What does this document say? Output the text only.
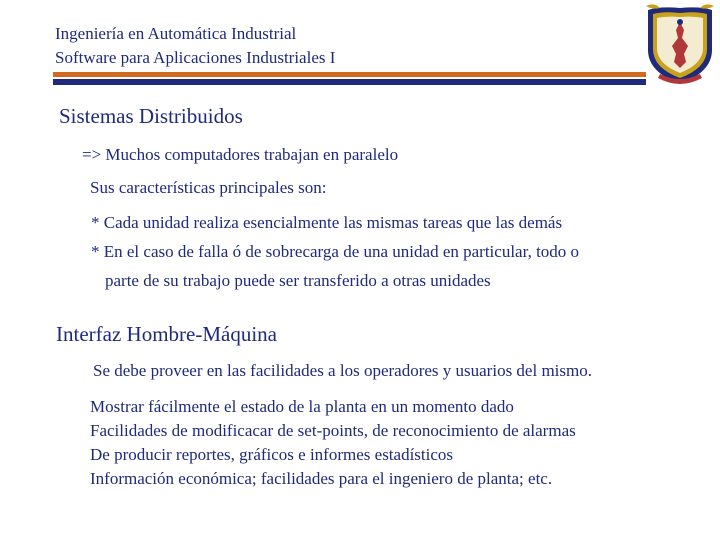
Ingeniería en Automática Industrial
Software para Aplicaciones Industriales I
Sistemas Distribuidos
=> Muchos computadores trabajan en paralelo
Sus características principales son:
* Cada unidad realiza esencialmente las mismas tareas que las demás
* En el caso de falla ó de sobrecarga de una unidad en particular, todo o
parte de su trabajo puede ser transferido a otras unidades
Interfaz Hombre-Máquina
Se debe proveer en las facilidades a los operadores y usuarios del mismo.
Mostrar fácilmente el estado de la planta en un momento dado
Facilidades de modificacar de set-points, de reconocimiento de alarmas
De producir reportes, gráficos e informes estadísticos
Información económica; facilidades para el ingeniero de planta; etc.
